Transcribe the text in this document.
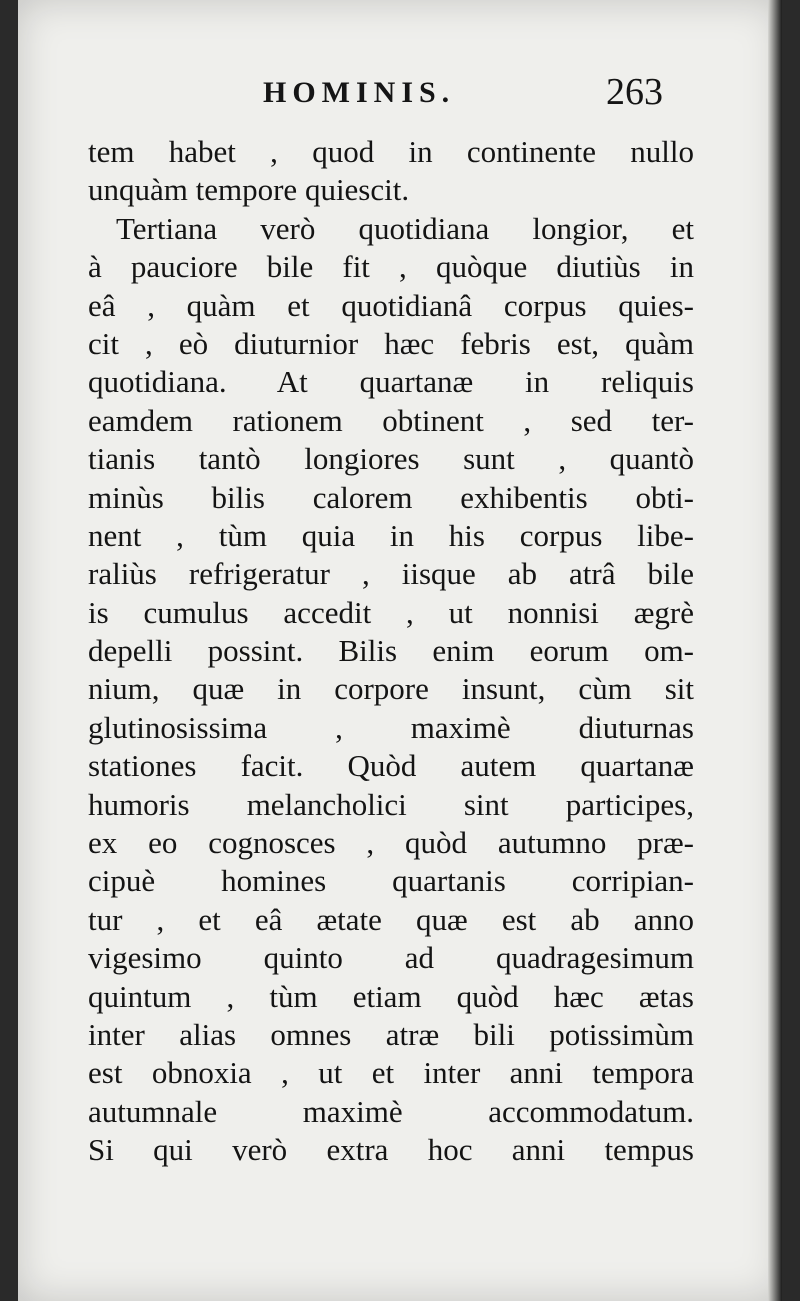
HOMINIS.	263
tem habet , quod in continente nullo
unquàm tempore quiescit.
Tertiana verò quotidiana longior, et
à pauciore bile fit , quòque diutiùs in
eâ , quàm et quotidianâ corpus quies-
cit , eò diuturnior hæc febris est, quàm
quotidiana. At quartanæ in reliquis
eamdem rationem obtinent , sed ter-
tianis tantò longiores sunt , quantò
minùs bilis calorem exhibentis obti-
nent , tùm quia in his corpus libe-
raliùs refrigeratur , iisque ab atrâ bile
is cumulus accedit , ut nonnisi ægrè
depelli possint. Bilis enim eorum om-
nium, quæ in corpore insunt, cùm sit
glutinosissima , maximè diuturnas
stationes facit. Quòd autem quartanæ
humoris melancholici sint participes,
ex eo cognosces , quòd autumno præ-
cipuè homines quartanis corripian-
tur , et eâ ætate quæ est ab anno
vigesimo quinto ad quadragesimum
quintum , tùm etiam quòd hæc ætas
inter alias omnes atræ bili potissimùm
est obnoxia , ut et inter anni tempora
autumnale maximè accommodatum.
Si qui verò extra hoc anni tempus
